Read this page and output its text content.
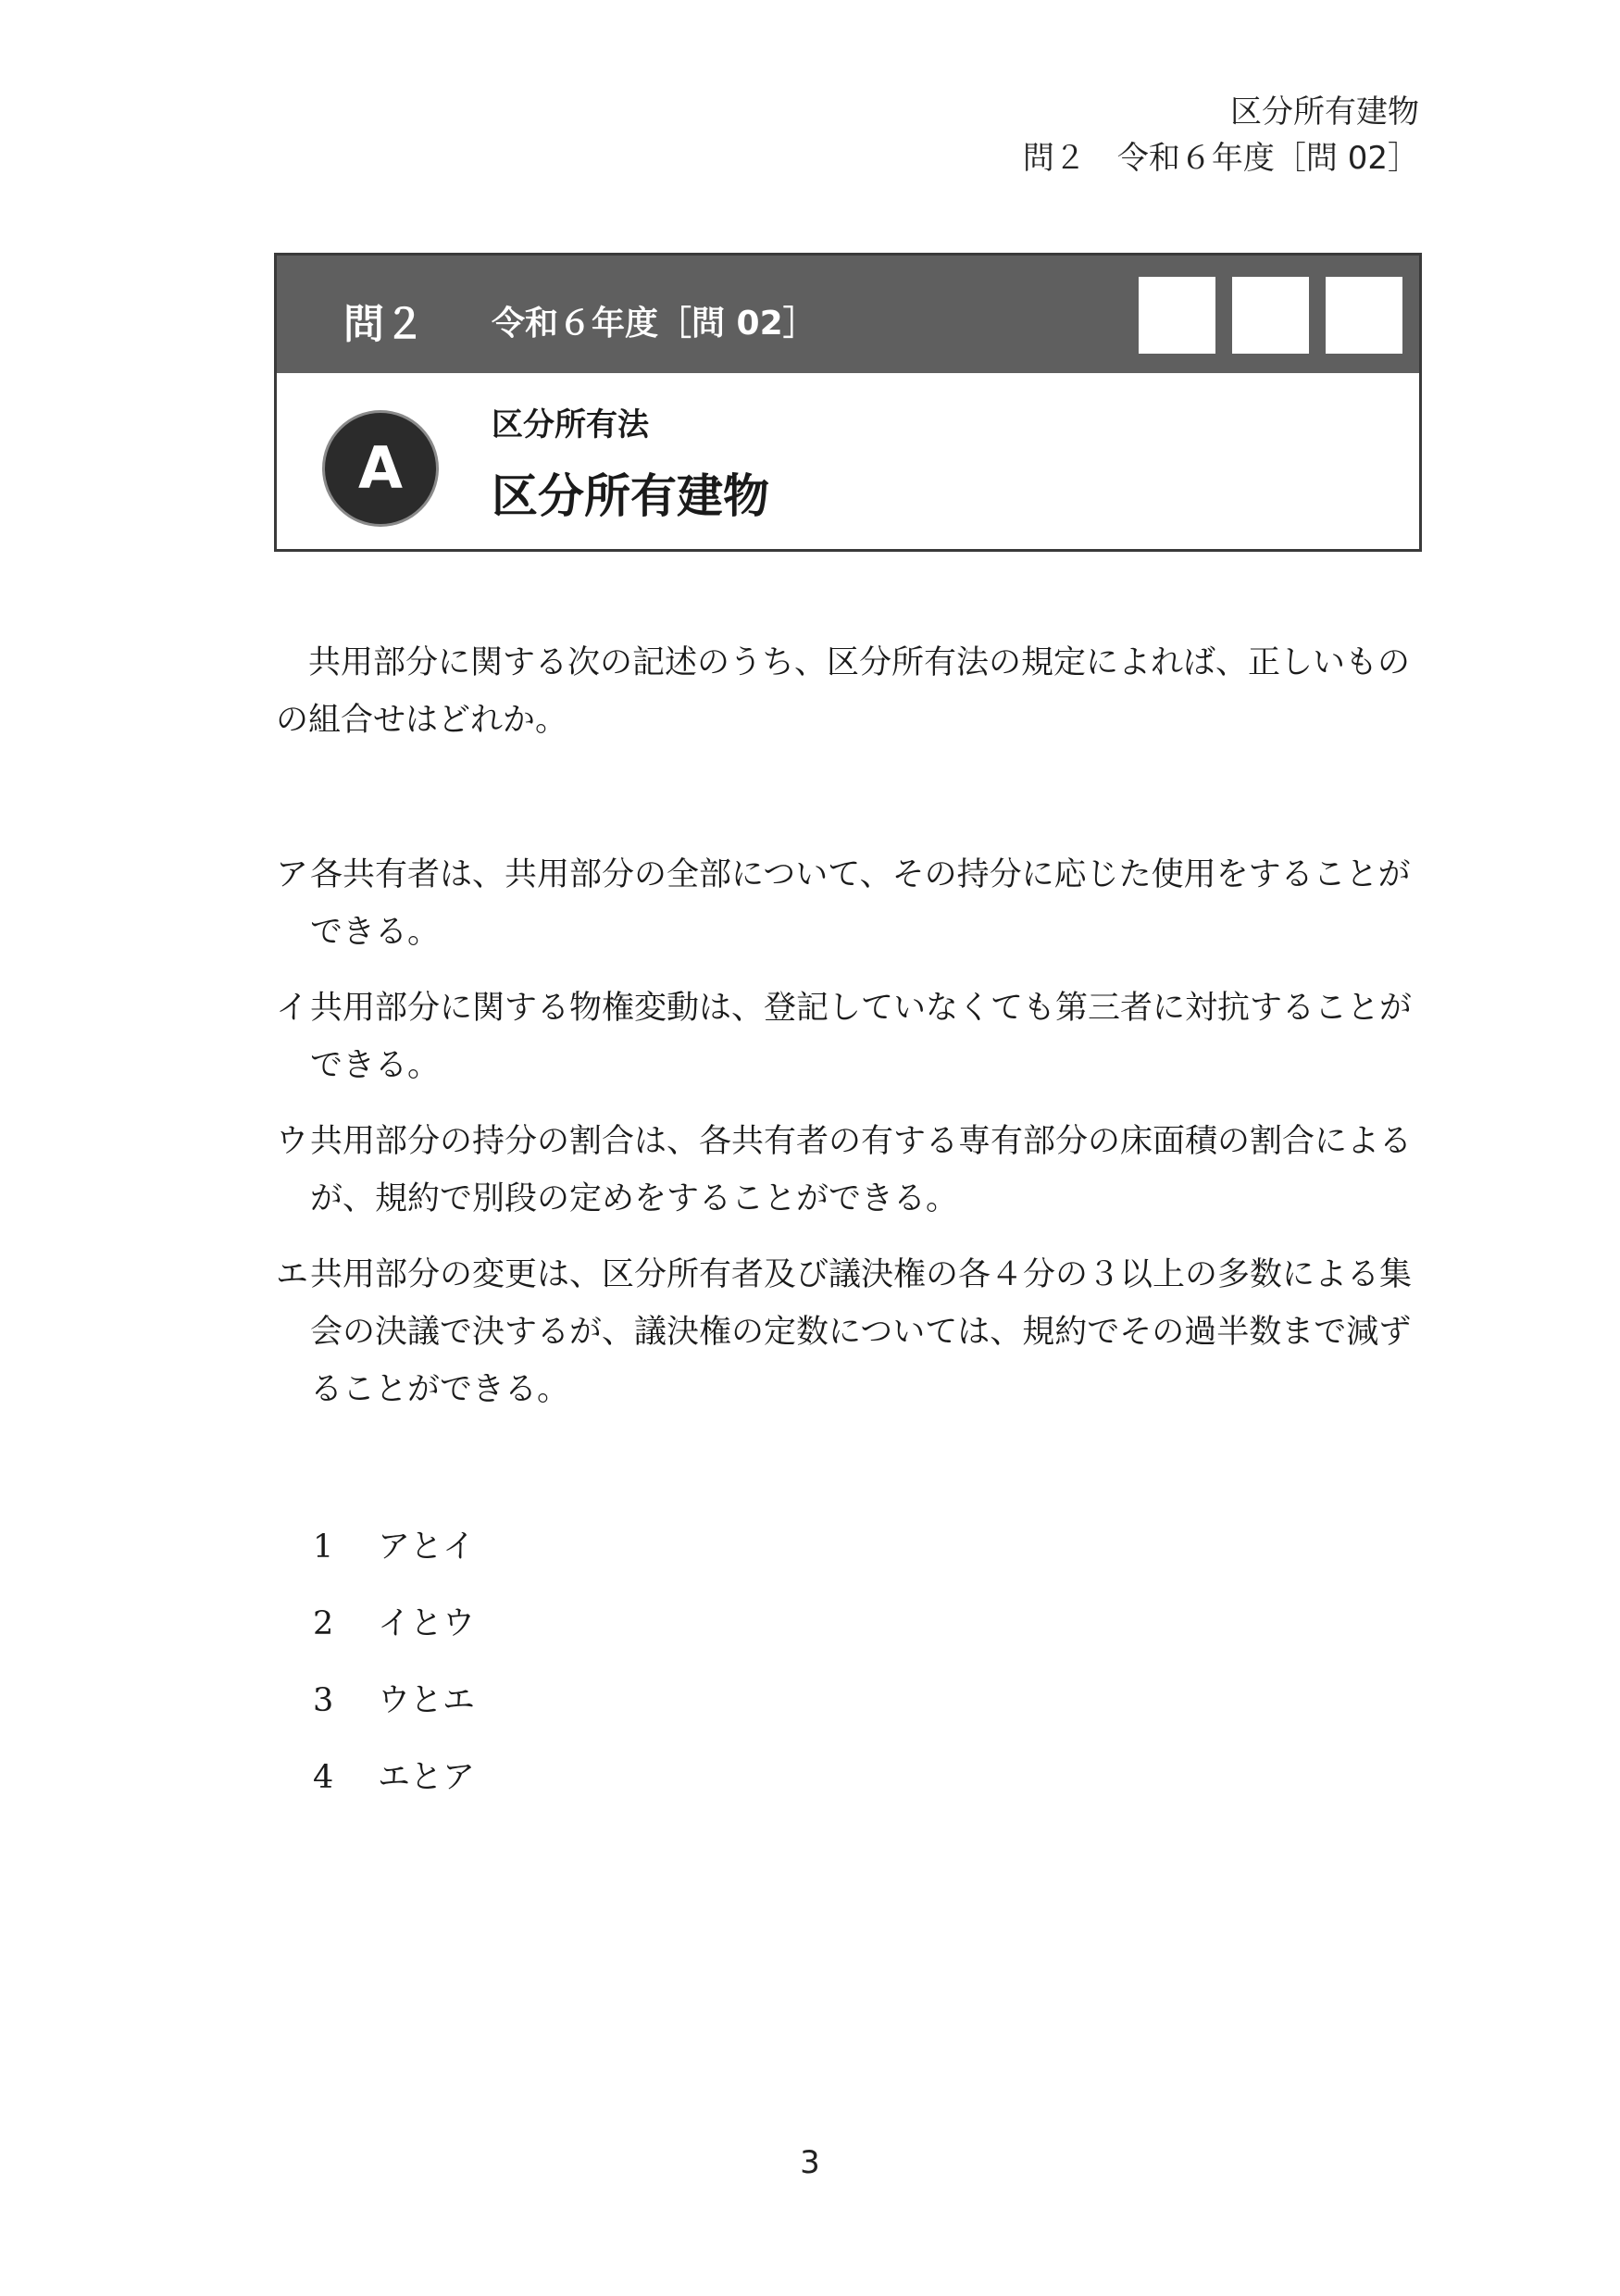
区分所有建物
問２　令和６年度［問 02］
問２ 令和６年度［問 02］
A
区分所有法
区分所有建物
共用部分に関する次の記述のうち、区分所有法の規定によれば、正しいものの組合せはどれか。
ア 各共有者は、共用部分の全部について、その持分に応じた使用をすることができる。
イ 共用部分に関する物権変動は、登記していなくても第三者に対抗することができる。
ウ 共用部分の持分の割合は、各共有者の有する専有部分の床面積の割合によるが、規約で別段の定めをすることができる。
エ 共用部分の変更は、区分所有者及び議決権の各４分の３以上の多数による集会の決議で決するが、議決権の定数については、規約でその過半数まで減ずることができる。
1	アとイ
2	イとウ
3	ウとエ
4	エとア
3
